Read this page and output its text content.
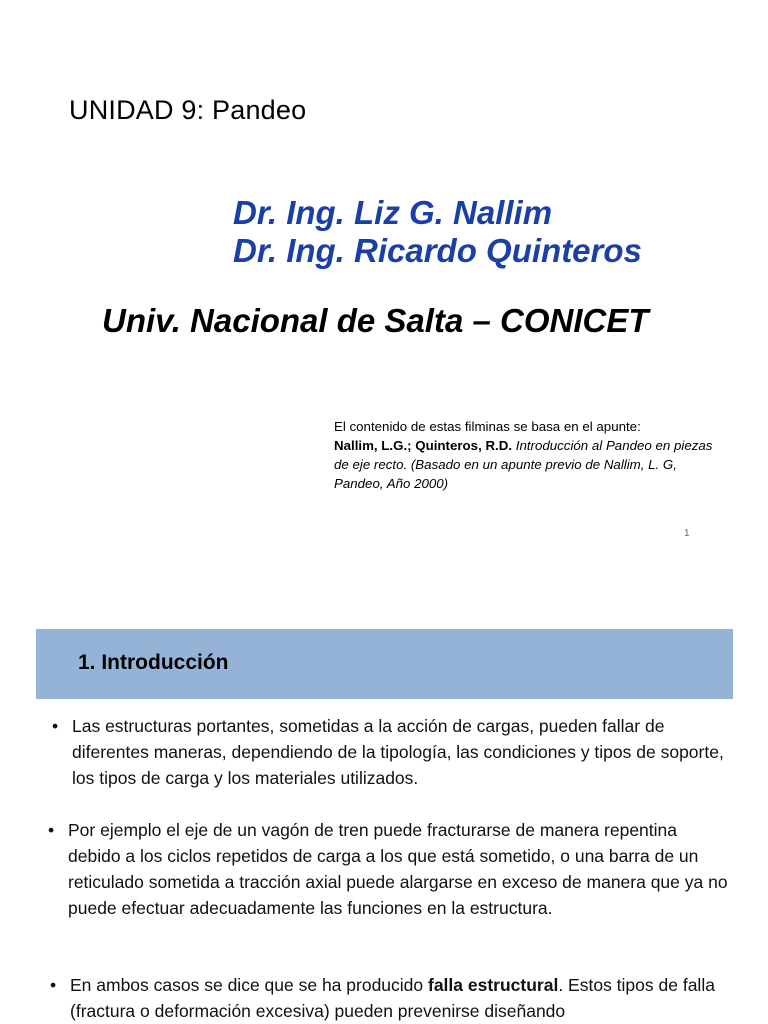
UNIDAD 9: Pandeo
Dr. Ing. Liz G. Nallim
Dr. Ing. Ricardo Quinteros
Univ. Nacional de Salta – CONICET
El contenido de estas filminas se basa en el apunte:
Nallim, L.G.; Quinteros, R.D. Introducción al Pandeo en piezas de eje recto. (Basado en un apunte previo de Nallim, L. G, Pandeo, Año 2000)
1
1. Introducción
• Las estructuras portantes, sometidas a la acción de cargas, pueden fallar de diferentes maneras, dependiendo de la tipología, las condiciones y tipos de soporte, los tipos de carga y los materiales utilizados.
• Por ejemplo el eje de un vagón de tren puede fracturarse de manera repentina debido a los ciclos repetidos de carga a los que está sometido, o una barra de un reticulado sometida a tracción axial puede alargarse en exceso de manera que ya no puede efectuar adecuadamente las funciones en la estructura.
• En ambos casos se dice que se ha producido falla estructural. Estos tipos de falla (fractura o deformación excesiva) pueden prevenirse diseñando
